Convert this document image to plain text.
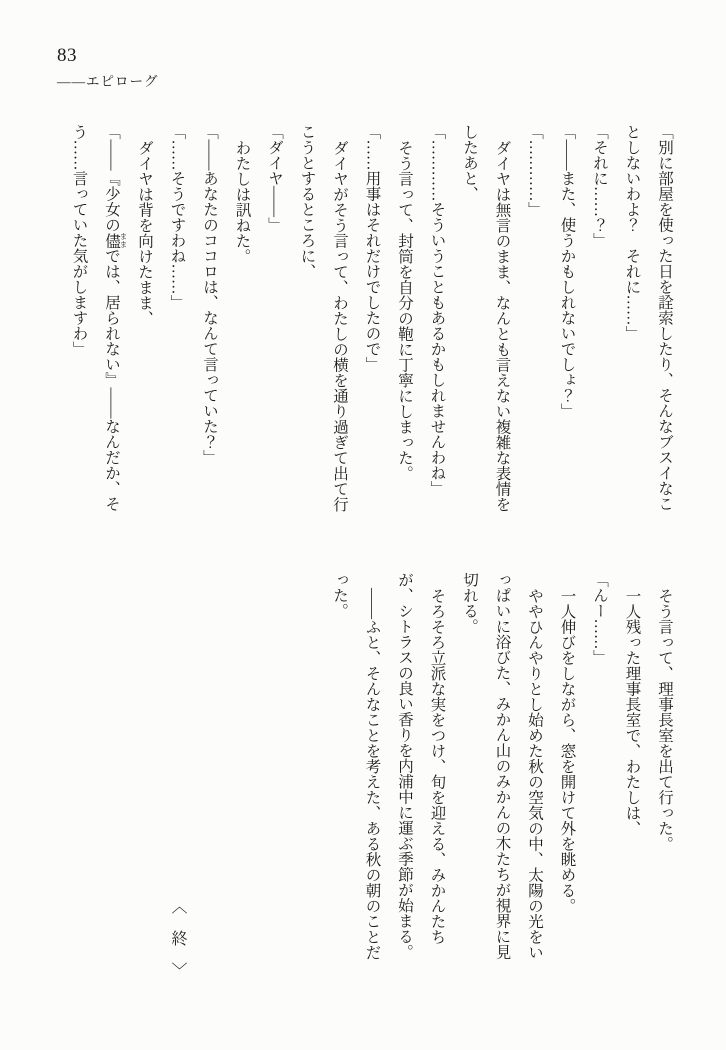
83
——エピローグ

「別に部屋を使った日を詮索したり、そんなブスイなことしないわよ？　それに……」

「それに……？」

「——また、使うかもしれないでしょ？」

「…………」

ダイヤは無言のまま、なんとも言えない複雑な表情をしたあと、

「…………そういうこともあるかもしれませんわね」

そう言って、封筒を自分の鞄に丁寧にしまった。

「……用事はそれだけでしたので」

ダイヤがそう言って、わたしの横を通り過ぎて出て行こうとするところに、

「ダイヤ——」

わたしは訊ねた。

「——あなたのココロは、なんて言っていた？」

「……そうですわね……」

ダイヤは背を向けたまま、

「——『少女の儘 ままでは、居られない』——なんだか、そう……言っていた気がしますわ」

そう言って、理事長室を出て行った。

一人残った理事長室で、わたしは、

「んー……」

一人伸びをしながら、窓を開けて外を眺める。

ややひんやりとし始めた秋の空気の中、太陽の光をいっぱいに浴びた、みかん山のみかんの木たちが視界に見切れる。

そろそろ立派な実をつけ、旬を迎える、みかんたちが、シトラスの良い香りを内浦中に運ぶ季節が始まる。

——ふと、そんなことを考えた、ある秋の朝のことだった。

〈終〉
